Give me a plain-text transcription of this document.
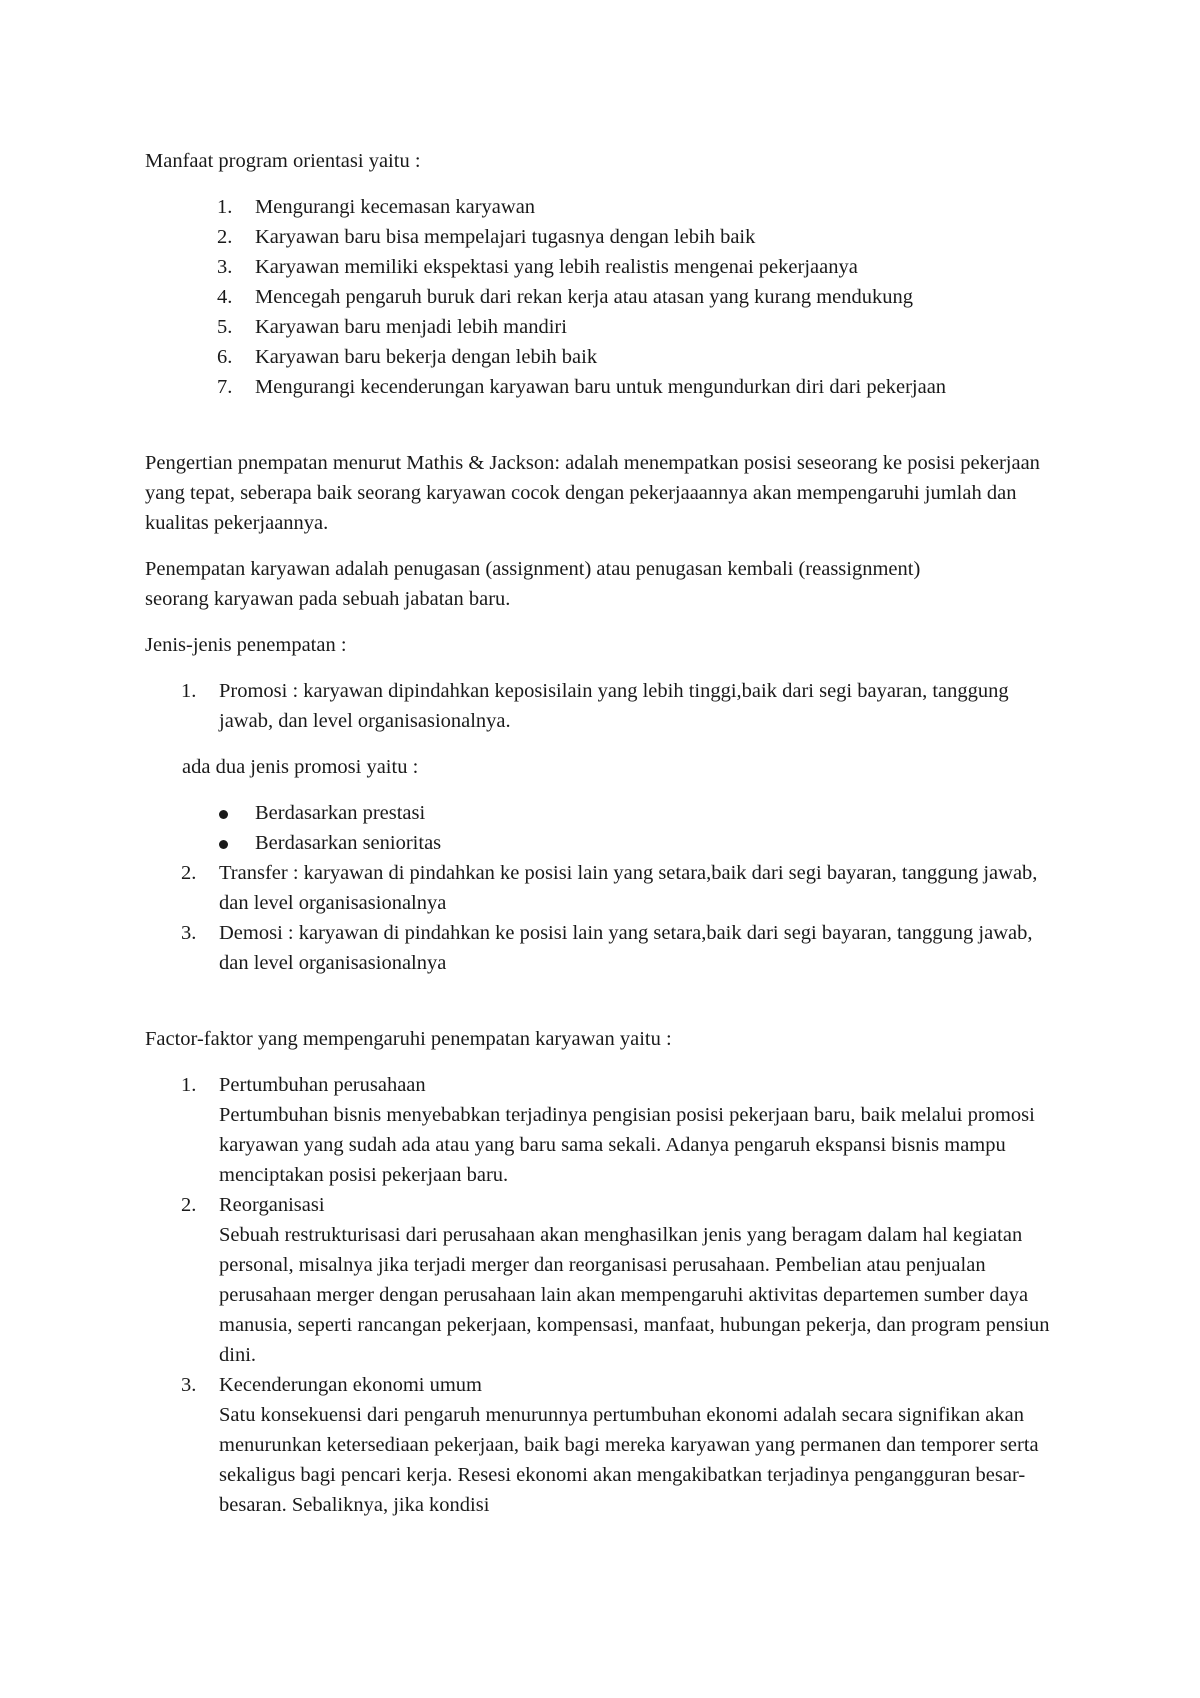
Manfaat program orientasi yaitu :

1.	Mengurangi kecemasan karyawan
2.	Karyawan baru bisa mempelajari tugasnya dengan lebih baik
3.	Karyawan memiliki ekspektasi yang lebih realistis mengenai pekerjaanya
4.	Mencegah pengaruh buruk dari rekan kerja atau atasan yang kurang mendukung
5.	Karyawan baru menjadi lebih mandiri
6.	Karyawan baru bekerja dengan lebih baik
7.	Mengurangi kecenderungan karyawan baru untuk mengundurkan diri dari pekerjaan

Pengertian pnempatan menurut Mathis & Jackson: adalah menempatkan posisi seseorang ke posisi pekerjaan yang tepat, seberapa baik seorang karyawan cocok dengan pekerjaaannya akan mempengaruhi jumlah dan kualitas pekerjaannya.

Penempatan karyawan adalah penugasan (assignment) atau penugasan kembali (reassignment) seorang karyawan pada sebuah jabatan baru.

Jenis-jenis penempatan :

1.	Promosi : karyawan dipindahkan keposisilain yang lebih tinggi,baik dari segi bayaran, tanggung jawab, dan level organisasionalnya.

ada dua jenis promosi yaitu :

Berdasarkan prestasi
Berdasarkan senioritas
2.	Transfer : karyawan di pindahkan ke posisi lain yang setara,baik dari segi bayaran, tanggung jawab, dan level organisasionalnya
3.	Demosi : karyawan di pindahkan ke posisi lain yang setara,baik dari segi bayaran, tanggung jawab, dan level organisasionalnya

Factor-faktor yang mempengaruhi penempatan karyawan yaitu :

1.	Pertumbuhan perusahaan
Pertumbuhan bisnis menyebabkan terjadinya pengisian posisi pekerjaan baru, baik melalui promosi karyawan yang sudah ada atau yang baru sama sekali. Adanya pengaruh ekspansi bisnis mampu menciptakan posisi pekerjaan baru.
2.	Reorganisasi
Sebuah restrukturisasi dari perusahaan akan menghasilkan jenis yang beragam dalam hal kegiatan personal, misalnya jika terjadi merger dan reorganisasi perusahaan. Pembelian atau penjualan perusahaan merger dengan perusahaan lain akan mempengaruhi aktivitas departemen sumber daya manusia, seperti rancangan pekerjaan, kompensasi, manfaat, hubungan pekerja, dan program pensiun dini.
3.	Kecenderungan ekonomi umum
Satu konsekuensi dari pengaruh menurunnya pertumbuhan ekonomi adalah secara signifikan akan menurunkan ketersediaan pekerjaan, baik bagi mereka karyawan yang permanen dan temporer serta sekaligus bagi pencari kerja. Resesi ekonomi akan mengakibatkan terjadinya pengangguran besar-besaran. Sebaliknya, jika kondisi
